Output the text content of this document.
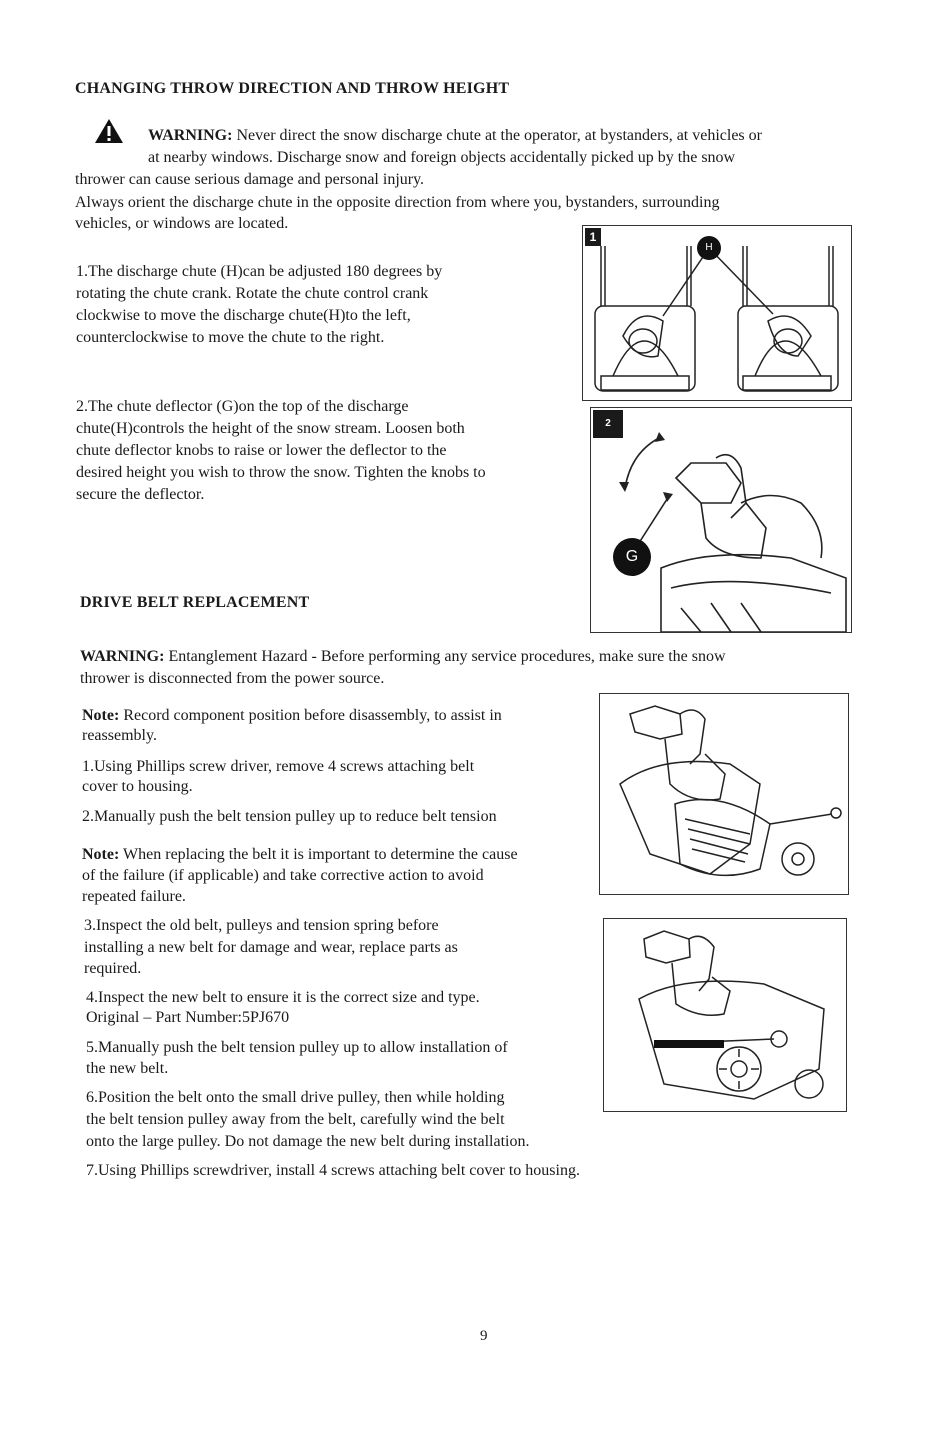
CHANGING THROW DIRECTION AND THROW HEIGHT

WARNING: Never direct the snow discharge chute at the operator, at bystanders, at vehicles or

at nearby windows. Discharge snow and foreign objects accidentally picked up by the snow

thrower can cause serious damage and personal injury.

Always orient the discharge chute in the opposite direction from where you, bystanders, surrounding

vehicles, or windows are located.

1.The discharge chute (H)can be adjusted 180 degrees by

rotating the chute crank. Rotate the chute control crank

clockwise to move the discharge chute(H)to the left,

counterclockwise to move the chute to the right.

2.The chute deflector (G)on the top of the discharge

chute(H)controls the height of the snow stream. Loosen both

chute deflector knobs to raise or lower the deflector to the

desired height you wish to throw the snow. Tighten the knobs to

secure the deflector.

1
H
2
G
DRIVE BELT REPLACEMENT

WARNING: Entanglement Hazard - Before performing any service procedures, make sure the snow

thrower is disconnected from the power source.

Note: Record component position before disassembly, to assist in

reassembly.

1.Using Phillips screw driver, remove 4 screws attaching belt

cover to housing.

2.Manually push the belt tension pulley up to reduce belt tension

Note: When replacing the belt it is important to determine the cause

of the failure (if applicable) and take corrective action to avoid

repeated failure.

3.Inspect the old belt, pulleys and tension spring before

installing a new belt for damage and wear, replace parts as

required.

4.Inspect the new belt to ensure it is the correct size and type.

Original – Part Number:5PJ670

5.Manually push the belt tension pulley up to allow installation of

the new belt.

6.Position the belt onto the small drive pulley, then while holding

the belt tension pulley away from the belt, carefully wind the belt

onto the large pulley. Do not damage the new belt during installation.

7.Using Phillips screwdriver, install 4 screws attaching belt cover to housing.

9
